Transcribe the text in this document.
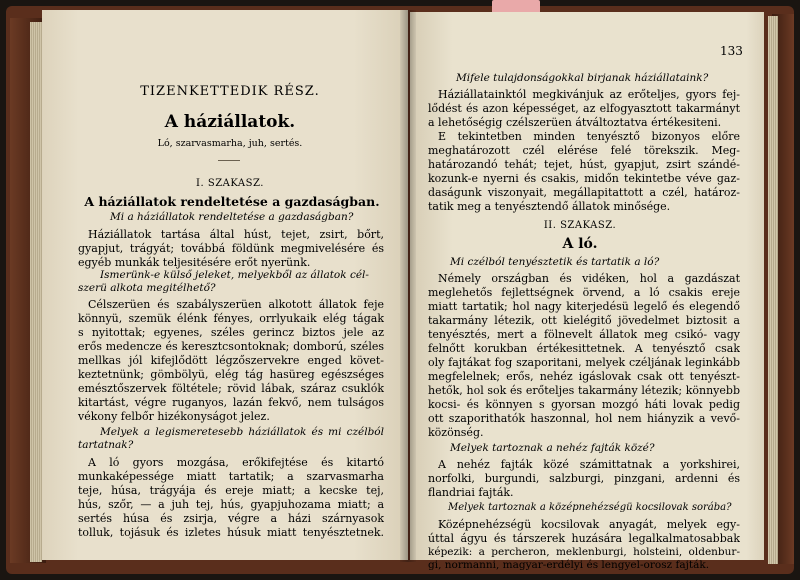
TIZENKETTEDIK RÉSZ.
A háziállatok.
Ló, szarvasmarha, juh, sertés.
I. SZAKASZ.
A háziállatok rendeltetése a gazdaságban.
Mi a háziállatok rendeltetése a gazdaságban?
Háziállatok tartása által húst, tejet, zsirt, bőrt,
gyapjut, trágyát; továbbá földünk megmivelésére és
egyéb munkák teljesitésére erőt nyerünk.
Ismerünk-e külső jeleket, melyekből az állatok cél-
szerü alkota megitélhető?
Célszerüen és szabályszerüen alkotott állatok feje
könnyü, szemük élénk fényes, orrlyukaik elég tágak
s nyitottak; egyenes, széles gerincz biztos jele az
erős medencze és keresztcsontoknak; domború, széles
mellkas jól kifejlődött légzőszervekre enged követ-
keztetnünk; gömbölyü, elég tág hasüreg egészséges
emésztőszervek föltétele; rövid lábak, száraz csuklók
kitartást, végre ruganyos, lazán fekvő, nem tulságos
vékony felbőr hizékonyságot jelez.
Melyek a legismeretesebb háziállatok és mi czélból
tartatnak?
A ló gyors mozgása, erőkifejtése és kitartó
munkaképessége miatt tartatik; a szarvasmarha
teje, húsa, trágyája és ereje miatt; a kecske tej,
hús, szőr, — a juh tej, hús, gyapjuhozama miatt; a
sertés húsa és zsirja, végre a házi szárnyasok
tolluk, tojásuk és izletes húsuk miatt tenyésztetnek.
133
Mifele tulajdonságokkal birjanak háziállataink?
Háziállatainktól megkivánjuk az erőteljes, gyors fej-
lődést és azon képességet, az elfogyasztott takarmányt
a lehetőségig czélszerüen átváltoztatva értékesiteni.
E tekintetben minden tenyésztő bizonyos előre
meghatározott czél elérése felé törekszik. Meg-
határozandó tehát; tejet, húst, gyapjut, zsirt szándé-
kozunk-e nyerni és csakis, midőn tekintetbe véve gaz-
daságunk viszonyait, megállapitattott a czél, határoz-
tatik meg a tenyésztendő állatok minősége.
II. SZAKASZ.
A ló.
Mi czélból tenyésztetik és tartatik a ló?
Némely országban és vidéken, hol a gazdászat
meglehetős fejlettségnek örvend, a ló csakis ereje
miatt tartatik; hol nagy kiterjedésü legelő és elegendő
takarmány létezik, ott kielégitő jövedelmet biztosit a
tenyésztés, mert a fölnevelt állatok meg csikó- vagy
felnőtt korukban értékesittetnek. A tenyésztő csak
oly fajtákat fog szaporitani, melyek czéljának leginkább
megfelelnek; erős, nehéz igáslovak csak ott tenyészt-
hetők, hol sok és erőteljes takarmány létezik; könnyebb
kocsi- és könnyen s gyorsan mozgó háti lovak pedig
ott szaporithatók haszonnal, hol nem hiányzik a vevő-
közönség.
Melyek tartoznak a nehéz fajták közé?
A nehéz fajták közé számittatnak a yorkshirei,
norfolki, burgundi, salzburgi, pinzgani, ardenni és
flandriai fajták.
Melyek tartoznak a középnehézségü kocsilovak sorába?
Középnehézségü kocsilovak anyagát, melyek egy-
úttal ágyu és társzerek huzására legalkalmatosabbak
képezik: a percheron, meklenburgi, holsteini, oldenbur-
gi, normanni, magyar-erdélyi és lengyel-orosz fajták.
